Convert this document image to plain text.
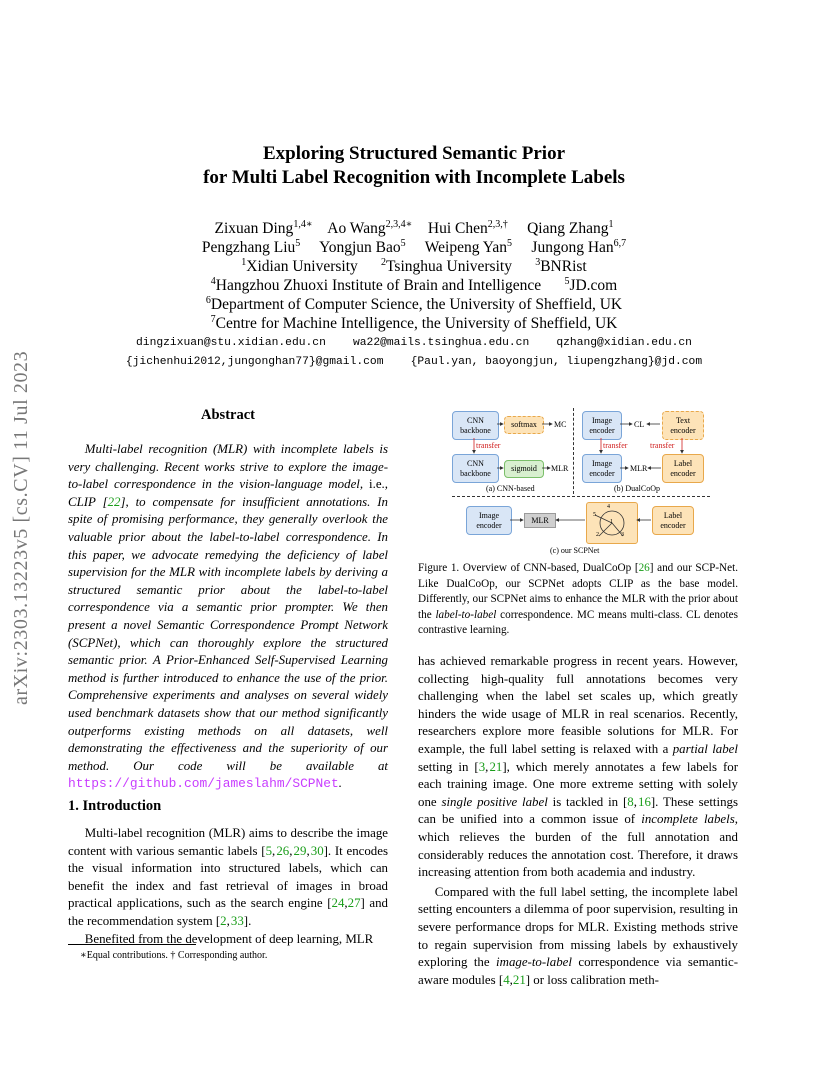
arXiv:2303.13223v5 [cs.CV] 11 Jul 2023
Exploring Structured Semantic Prior
for Multi Label Recognition with Incomplete Labels
Zixuan Ding$^{1,4∗}$ Ao Wang$^{2,3,4∗}$ Hui Chen$^{2,3,\dagger}$ Qiang Zhang$^1$
Pengzhang Liu$^5$ Yongjun Bao$^5$ Weipeng Yan$^5$ Jungong Han$^{6,7}$
$^1$Xidian University $^2$Tsinghua University $^3$BNRist
$^4$Hangzhou Zhuoxi Institute of Brain and Intelligence $^5$JD.com
$^6$Department of Computer Science, the University of Sheffield, UK
$^7$Centre for Machine Intelligence, the University of Sheffield, UK
dingzixuan@stu.xidian.edu.cn wa22@mails.tsinghua.edu.cn qzhang@xidian.edu.cn
{jichenhui2012,jungonghan77}@gmail.com {Paul.yan, baoyongjun, liupengzhang}@jd.com
Abstract
Multi-label recognition (MLR) with incomplete labels is very challenging. Recent works strive to explore the image-to-label correspondence in the vision-language model, i.e., CLIP [22], to compensate for insufficient annotations. In spite of promising performance, they generally overlook the valuable prior about the label-to-label correspondence. In this paper, we advocate remedying the deficiency of label supervision for the MLR with incomplete labels by deriving a structured semantic prior about the label-to-label correspondence via a semantic prior prompter. We then present a novel Semantic Correspondence Prompt Network (SCPNet), which can thoroughly explore the structured semantic prior. A Prior-Enhanced Self-Supervised Learning method is further introduced to enhance the use of the prior. Comprehensive experiments and analyses on several widely used benchmark datasets show that our method significantly outperforms existing methods on all datasets, well demonstrating the effectiveness and the superiority of our method. Our code will be available at https://github.com/jameslahm/SCPNet.
1. Introduction
Multi-label recognition (MLR) aims to describe the image content with various semantic labels [5, 26, 29, 30]. It encodes the visual information into structured labels, which can benefit the index and fast retrieval of images in broad practical applications, such as the search engine [24,27] and the recommendation system [2, 33].
Benefited from the development of deep learning, MLR
∗Equal contributions. † Corresponding author.
CNN backbone
softmax	MC
transfer
CNN backbone	sigmoid	MLR
(a) CNN-based
Image encoder
CL	Text encoder
transfer	transfer
Image encoder	MLR
Label encoder
(b) DualCoOp
Image encoder
MLR
4
5
1
2	3
Label encoder
(c) our SCPNet
Figure 1. Overview of CNN-based, DualCoOp [26] and our SCP-Net. Like DualCoOp, our SCPNet adopts CLIP as the base model. Differently, our SCPNet aims to enhance the MLR with the prior about the label-to-label correspondence. MC means multi-class. CL denotes contrastive learning.
has achieved remarkable progress in recent years. However, collecting high-quality full annotations becomes very challenging when the label set scales up, which greatly hinders the wide usage of MLR in real scenarios. Recently, researchers explore more feasible solutions for MLR. For example, the full label setting is relaxed with a partial label setting in [3, 21], which merely annotates a few labels for each training image. One more extreme setting with solely one single positive label is tackled in [8, 16]. These settings can be unified into a common issue of incomplete labels, which relieves the burden of the full annotation and considerably reduces the annotation cost. Therefore, it draws increasing attention from both academia and industry.
Compared with the full label setting, the incomplete label setting encounters a dilemma of poor supervision, resulting in severe performance drops for MLR. Existing methods strive to regain supervision from missing labels by exhaustively exploring the image-to-label correspondence via semantic-aware modules [4,21] or loss calibration meth-
